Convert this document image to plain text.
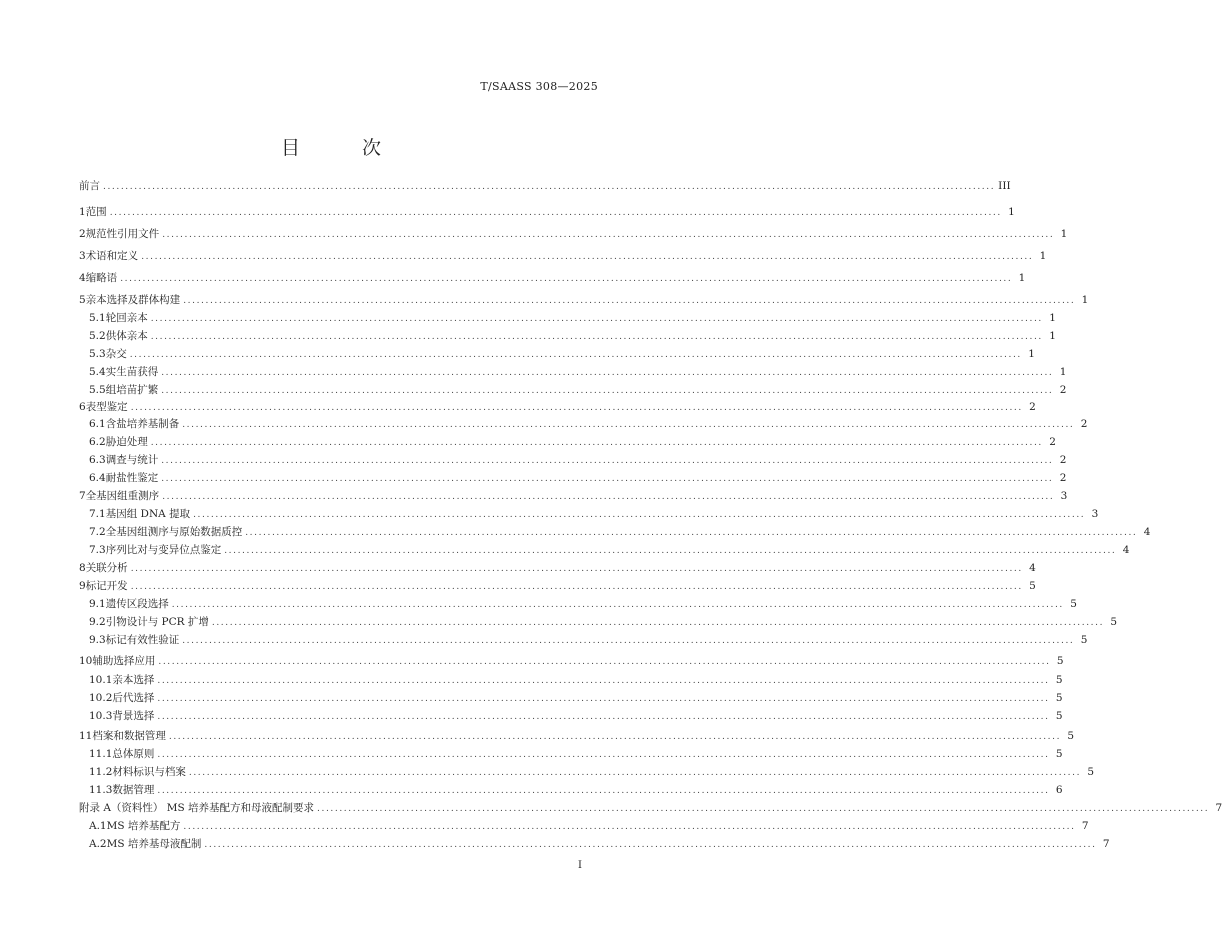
T/SAASS 308—2025
目 次
前言 ........................................................................................................................................................................................................ III
1 范围 ........................................................................................................................................................................................................ 1
2 规范性引用文件 ........................................................................................................................................................................................................ 1
3 术语和定义 ........................................................................................................................................................................................................ 1
4 缩略语 ........................................................................................................................................................................................................ 1
5 亲本选择及群体构建 ........................................................................................................................................................................................................ 1
5.1 轮回亲本 ........................................................................................................................................................................................................ 1
5.2 供体亲本 ........................................................................................................................................................................................................ 1
5.3 杂交 ........................................................................................................................................................................................................ 1
5.4 实生苗获得 ........................................................................................................................................................................................................ 1
5.5 组培苗扩繁 ........................................................................................................................................................................................................ 2
6 表型鉴定 ........................................................................................................................................................................................................ 2
6.1 含盐培养基制备 ........................................................................................................................................................................................................ 2
6.2 胁迫处理 ........................................................................................................................................................................................................ 2
6.3 调查与统计 ........................................................................................................................................................................................................ 2
6.4 耐盐性鉴定 ........................................................................................................................................................................................................ 2
7 全基因组重测序 ........................................................................................................................................................................................................ 3
7.1 基因组 DNA 提取 ........................................................................................................................................................................................................ 3
7.2 全基因组测序与原始数据质控 ........................................................................................................................................................................................................ 4
7.3 序列比对与变异位点鉴定 ........................................................................................................................................................................................................ 4
8 关联分析 ........................................................................................................................................................................................................ 4
9 标记开发 ........................................................................................................................................................................................................ 5
9.1 遗传区段选择 ........................................................................................................................................................................................................ 5
9.2 引物设计与 PCR 扩增 ........................................................................................................................................................................................................ 5
9.3 标记有效性验证 ........................................................................................................................................................................................................ 5
10 辅助选择应用 ........................................................................................................................................................................................................ 5
10.1 亲本选择 ........................................................................................................................................................................................................ 5
10.2 后代选择 ........................................................................................................................................................................................................ 5
10.3 背景选择 ........................................................................................................................................................................................................ 5
11 档案和数据管理 ........................................................................................................................................................................................................ 5
11.1 总体原则 ........................................................................................................................................................................................................ 5
11.2 材料标识与档案 ........................................................................................................................................................................................................ 5
11.3 数据管理 ........................................................................................................................................................................................................ 6
附录 A（资料性） MS 培养基配方和母液配制要求 ........................................................................................................................................................................................................ 7
A.1 MS 培养基配方 ........................................................................................................................................................................................................ 7
A.2 MS 培养基母液配制 ........................................................................................................................................................................................................ 7
I
